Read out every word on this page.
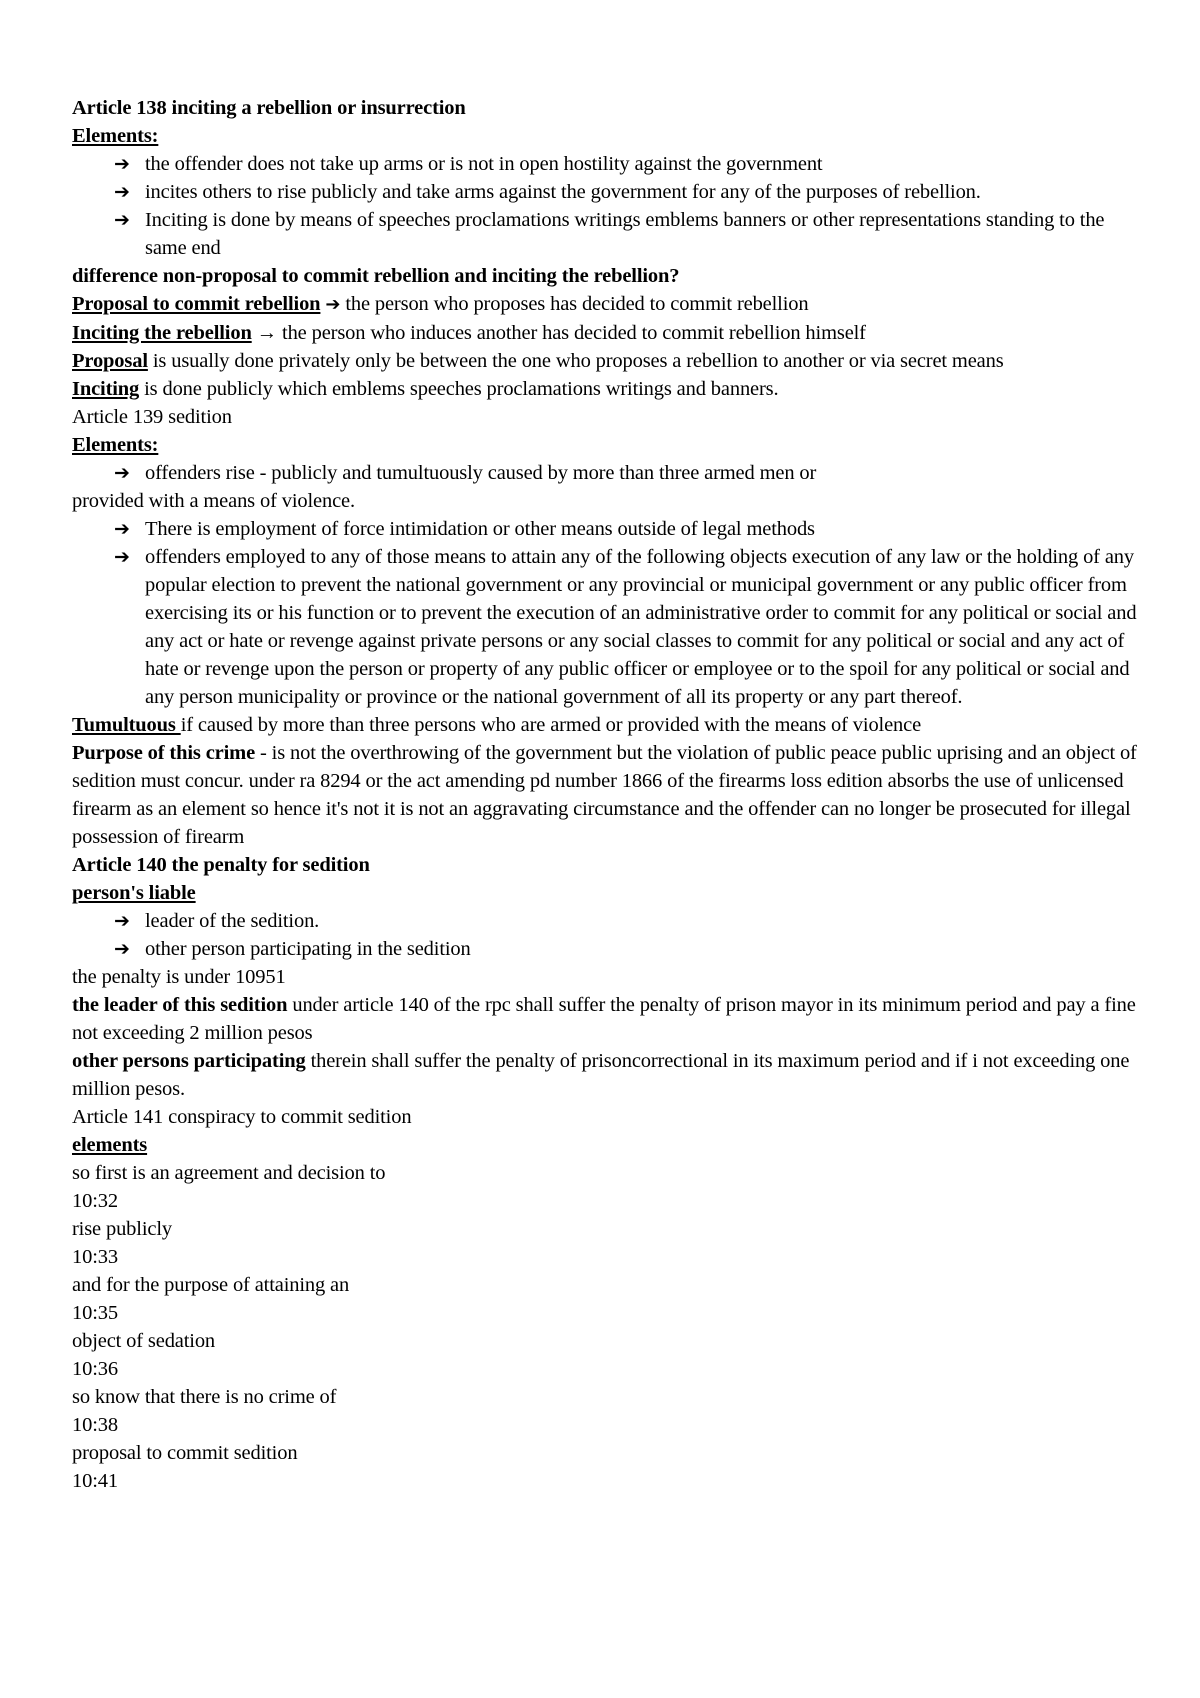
Article 138 inciting a rebellion or insurrection

Elements:

➔ the offender does not take up arms or is not in open hostility against the government

➔ incites others to rise publicly and take arms against the government for any of the purposes of rebellion.

➔ Inciting is done by means of speeches proclamations writings emblems banners or other representations standing to the same end

difference non-proposal to commit rebellion and inciting the rebellion?

Proposal to commit rebellion ➔ the person who proposes has decided to commit rebellion

Inciting the rebellion → the person who induces another has decided to commit rebellion himself

Proposal is usually done privately only be between the one who proposes a rebellion to another or via secret means

Inciting is done publicly which emblems speeches proclamations writings and banners.

Article 139 sedition

Elements:

➔ offenders rise - publicly and tumultuously caused by more than three armed men or

provided with a means of violence.

➔ There is employment of force intimidation or other means outside of legal methods

➔ offenders employed to any of those means to attain any of the following objects execution of any law or the holding of any popular election to prevent the national government or any provincial or municipal government or any public officer from exercising its or his function or to prevent the execution of an administrative order to commit for any political or social and any act or hate or revenge against private persons or any social classes to commit for any political or social and any act of hate or revenge upon the person or property of any public officer or employee or to the spoil for any political or social and any person municipality or province or the national government of all its property or any part thereof.

Tumultuous if caused by more than three persons who are armed or provided with the means of violence

Purpose of this crime - is not the overthrowing of the government but the violation of public peace public uprising and an object of sedition must concur. under ra 8294 or the act amending pd number 1866 of the firearms loss edition absorbs the use of unlicensed firearm as an element so hence it's not it is not an aggravating circumstance and the offender can no longer be prosecuted for illegal possession of firearm

Article 140 the penalty for sedition

person's liable

➔ leader of the sedition.

➔ other person participating in the sedition

the penalty is under 10951

the leader of this sedition under article 140 of the rpc shall suffer the penalty of prison mayor in its minimum period and pay a fine not exceeding 2 million pesos

other persons participating therein shall suffer the penalty of prisoncorrectional in its maximum period and if i not exceeding one million pesos.

Article 141 conspiracy to commit sedition

elements

so first is an agreement and decision to

10:32

rise publicly

10:33

and for the purpose of attaining an

10:35

object of sedation

10:36

so know that there is no crime of

10:38

proposal to commit sedition

10:41
